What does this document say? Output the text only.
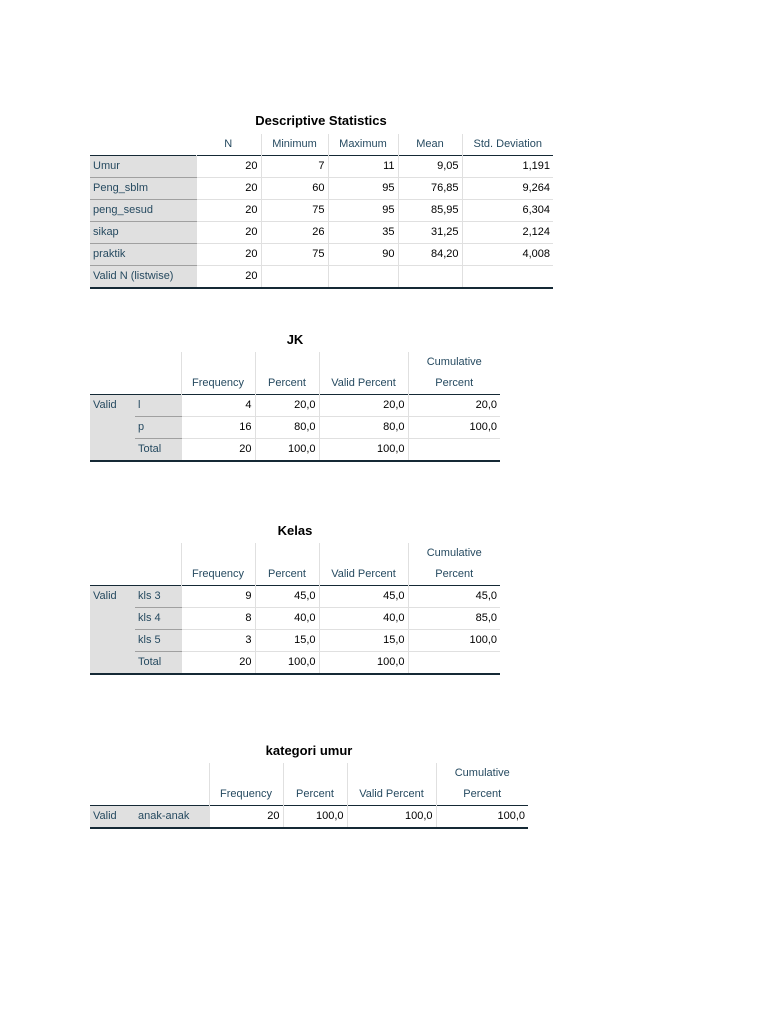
Descriptive Statistics
	N	Minimum	Maximum	Mean	Std. Deviation
Umur	20	7	11	9,05	1,191
Peng_sblm	20	60	95	76,85	9,264
peng_sesud	20	75	95	85,95	6,304
sikap	20	26	35	31,25	2,124
praktik	20	75	90	84,20	4,008
Valid N (listwise)	20				
JK
					Cumulative
		Frequency	Percent	Valid Percent	Percent
Valid	l	4	20,0	20,0	20,0
	p	16	80,0	80,0	100,0
	Total	20	100,0	100,0	
Kelas
					Cumulative
		Frequency	Percent	Valid Percent	Percent
Valid	kls 3	9	45,0	45,0	45,0
	kls 4	8	40,0	40,0	85,0
	kls 5	3	15,0	15,0	100,0
	Total	20	100,0	100,0	
kategori umur
					Cumulative
		Frequency	Percent	Valid Percent	Percent
Valid	anak-anak	20	100,0	100,0	100,0
